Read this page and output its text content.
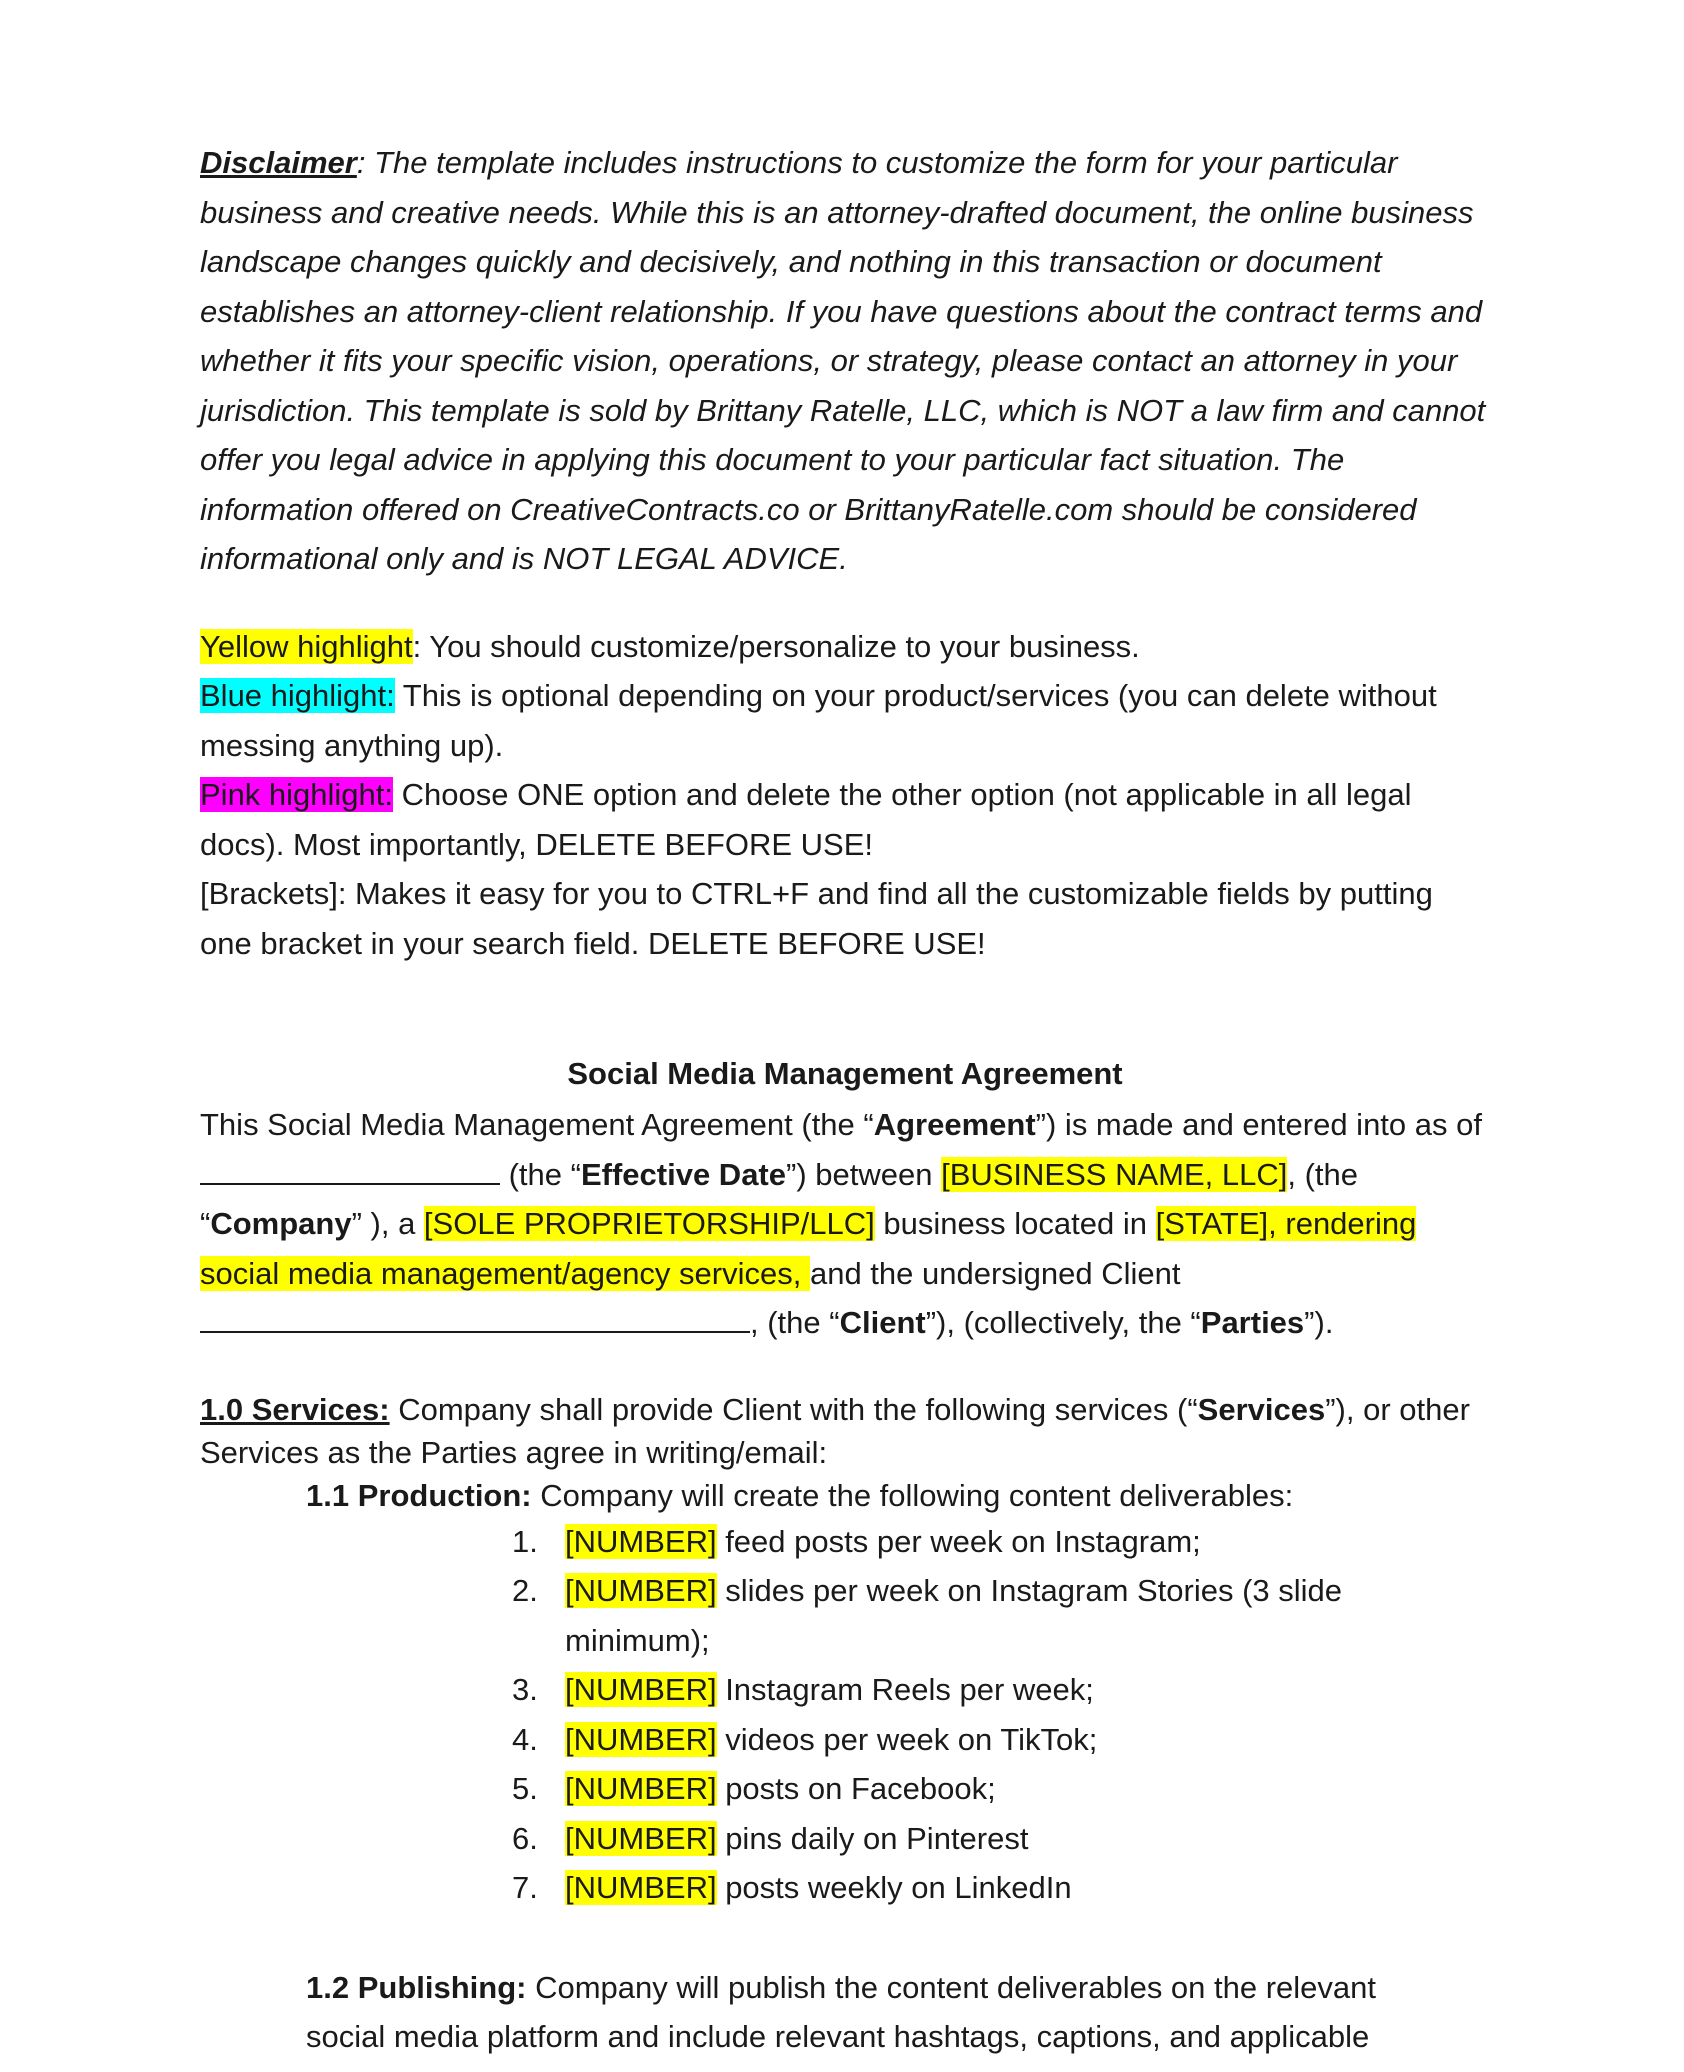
Disclaimer: The template includes instructions to customize the form for your particular business and creative needs. While this is an attorney-drafted document, the online business landscape changes quickly and decisively, and nothing in this transaction or document establishes an attorney-client relationship. If you have questions about the contract terms and whether it fits your specific vision, operations, or strategy, please contact an attorney in your jurisdiction. This template is sold by Brittany Ratelle, LLC, which is NOT a law firm and cannot offer you legal advice in applying this document to your particular fact situation. The information offered on CreativeContracts.co or BrittanyRatelle.com should be considered informational only and is NOT LEGAL ADVICE.

Yellow highlight: You should customize/personalize to your business.

Blue highlight: This is optional depending on your product/services (you can delete without messing anything up).

Pink highlight: Choose ONE option and delete the other option (not applicable in all legal docs). Most importantly, DELETE BEFORE USE!

[Brackets]: Makes it easy for you to CTRL+F and find all the customizable fields by putting one bracket in your search field. DELETE BEFORE USE!

Social Media Management Agreement

This Social Media Management Agreement (the “Agreement”) is made and entered into as of  (the “Effective Date”) between [BUSINESS NAME, LLC], (the “Company” ), a [SOLE PROPRIETORSHIP/LLC] business located in [STATE], rendering social media management/agency services, and the undersigned Client , (the “Client”), (collectively, the “Parties”).

1.0 Services: Company shall provide Client with the following services (“Services”), or other Services as the Parties agree in writing/email:

1.1 Production: Company will create the following content deliverables:

1. [NUMBER] feed posts per week on Instagram;
2. [NUMBER] slides per week on Instagram Stories (3 slide minimum);
3. [NUMBER] Instagram Reels per week;
4. [NUMBER] videos per week on TikTok;
5. [NUMBER] posts on Facebook;
6. [NUMBER] pins daily on Pinterest
7. [NUMBER] posts weekly on LinkedIn

1.2 Publishing: Company will publish the content deliverables on the relevant social media platform and include relevant hashtags, captions, and applicable
